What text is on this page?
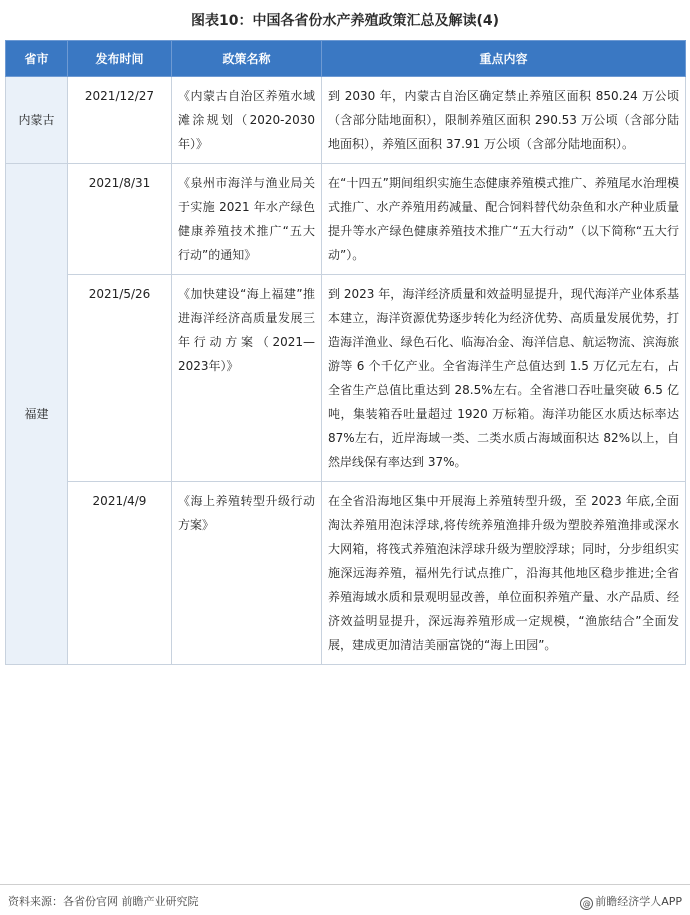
图表10：中国各省份水产养殖政策汇总及解读(4)
省市	发布时间	政策名称	重点内容
内蒙古	2021/12/27	《内蒙古自治区养殖水域滩涂规划（2020-2030年）》	到 2030 年，内蒙古自治区确定禁止养殖区面积 850.24 万公顷（含部分陆地面积），限制养殖区面积 290.53 万公顷（含部分陆地面积），养殖区面积 37.91 万公顷（含部分陆地面积）。
福建	2021/8/31	《泉州市海洋与渔业局关于实施 2021 年水产绿色健康养殖技术推广“五大行动”的通知》	在“十四五”期间组织实施生态健康养殖模式推广、养殖尾水治理模式推广、水产养殖用药减量、配合饲料替代幼杂鱼和水产种业质量提升等水产绿色健康养殖技术推广“五大行动”（以下简称“五大行动”）。
	2021/5/26	《加快建设“海上福建”推进海洋经济高质量发展三年行动方案（2021—2023年）》	到 2023 年，海洋经济质量和效益明显提升，现代海洋产业体系基本建立，海洋资源优势逐步转化为经济优势、高质量发展优势，打造海洋渔业、绿色石化、临海冶金、海洋信息、航运物流、滨海旅游等 6 个千亿产业。全省海洋生产总值达到 1.5 万亿元左右，占全省生产总值比重达到 28.5%左右。全省港口吞吐量突破 6.5 亿吨，集装箱吞吐量超过 1920 万标箱。海洋功能区水质达标率达 87%左右，近岸海域一类、二类水质占海域面积达 82%以上，自然岸线保有率达到 37%。
	2021/4/9	《海上养殖转型升级行动方案》	在全省沿海地区集中开展海上养殖转型升级，至 2023 年底,全面淘汰养殖用泡沫浮球,将传统养殖渔排升级为塑胶养殖渔排或深水大网箱，将筏式养殖泡沫浮球升级为塑胶浮球；同时，分步组织实施深远海养殖，福州先行试点推广，沿海其他地区稳步推进;全省养殖海域水质和景观明显改善，单位面积养殖产量、水产品质、经济效益明显提升，深远海养殖形成一定规模，“渔旅结合”全面发展，建成更加清洁美丽富饶的“海上田园”。
资料来源：各省份官网 前瞻产业研究院	@ 前瞻经济学人APP
